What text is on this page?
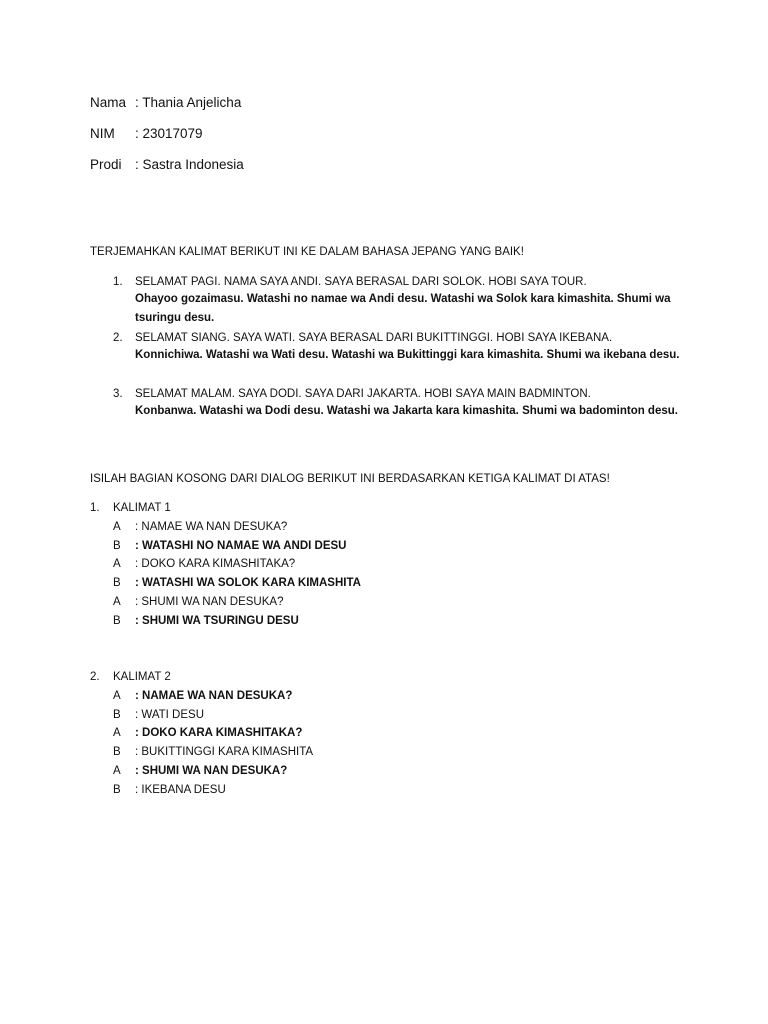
Nama : Thania Anjelicha
NIM : 23017079
Prodi : Sastra Indonesia
TERJEMAHKAN KALIMAT BERIKUT INI KE DALAM BAHASA JEPANG YANG BAIK!
1. SELAMAT PAGI. NAMA SAYA ANDI. SAYA BERASAL DARI SOLOK. HOBI SAYA TOUR.
Ohayoo gozaimasu. Watashi no namae wa Andi desu. Watashi wa Solok kara kimashita. Shumi wa tsuringu desu.
2. SELAMAT SIANG. SAYA WATI. SAYA BERASAL DARI BUKITTINGGI. HOBI SAYA IKEBANA.
Konnichiwa. Watashi wa Wati desu. Watashi wa Bukittinggi kara kimashita. Shumi wa ikebana desu.
3. SELAMAT MALAM. SAYA DODI. SAYA DARI JAKARTA. HOBI SAYA MAIN BADMINTON.
Konbanwa. Watashi wa Dodi desu. Watashi wa Jakarta kara kimashita. Shumi wa badominton desu.
ISILAH BAGIAN KOSONG DARI DIALOG BERIKUT INI BERDASARKAN KETIGA KALIMAT DI ATAS!
1. KALIMAT 1
A : NAMAE WA NAN DESUKA?
B : WATASHI NO NAMAE WA ANDI DESU
A : DOKO KARA KIMASHITAKA?
B : WATASHI WA SOLOK KARA KIMASHITA
A : SHUMI WA NAN DESUKA?
B : SHUMI WA TSURINGU DESU
2. KALIMAT 2
A : NAMAE WA NAN DESUKA?
B : WATI DESU
A : DOKO KARA KIMASHITAKA?
B : BUKITTINGGI KARA KIMASHITA
A : SHUMI WA NAN DESUKA?
B : IKEBANA DESU
